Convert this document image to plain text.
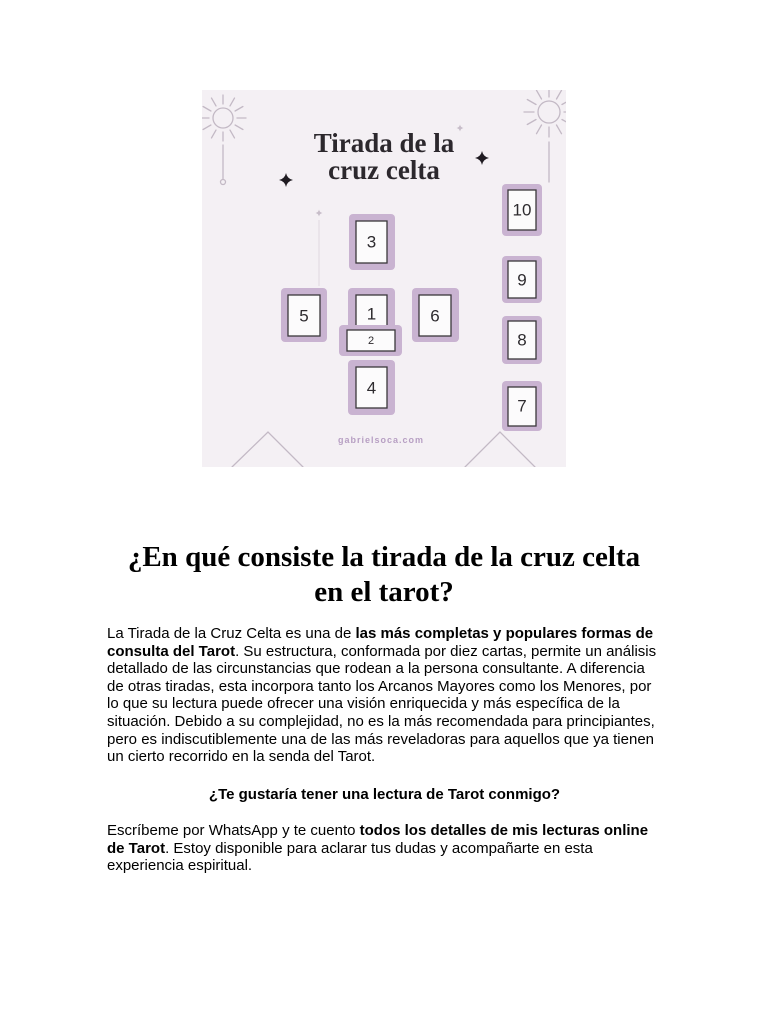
Tirada de la
cruz celta
3
5	1	6
4
2
10
9
8
7
gabrielsoca.com
¿En qué consiste la tirada de la cruz celta en el tarot?

La Tirada de la Cruz Celta es una de las más completas y populares formas de consulta del Tarot. Su estructura, conformada por diez cartas, permite un análisis detallado de las circunstancias que rodean a la persona consultante. A diferencia de otras tiradas, esta incorpora tanto los Arcanos Mayores como los Menores, por lo que su lectura puede ofrecer una visión enriquecida y más específica de la situación. Debido a su complejidad, no es la más recomendada para principiantes, pero es indiscutiblemente una de las más reveladoras para aquellos que ya tienen un cierto recorrido en la senda del Tarot.

¿Te gustaría tener una lectura de Tarot conmigo?

Escríbeme por WhatsApp y te cuento todos los detalles de mis lecturas online de Tarot. Estoy disponible para aclarar tus dudas y acompañarte en esta experiencia espiritual.
